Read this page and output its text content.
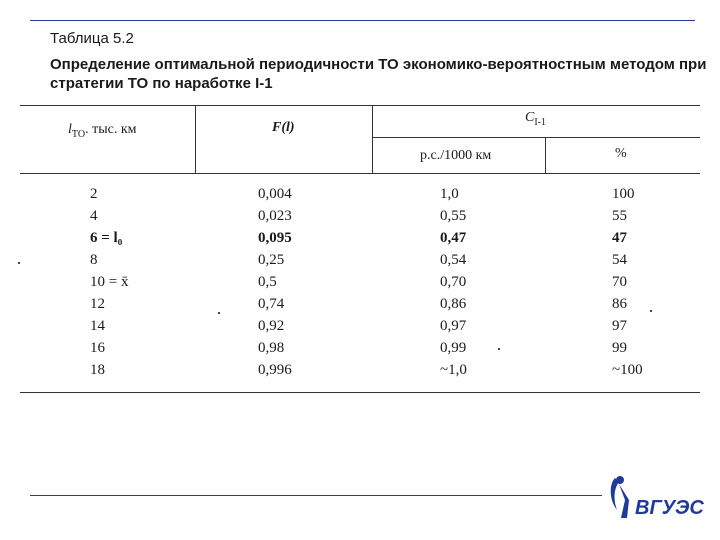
Таблица 5.2
Определение оптимальной периодичности ТО экономико-вероятностным методом при стратегии ТО по наработке I-1
$l_{ТО}$. тыс. км	F(l)
$C_{I-1}$
р.с./1000 км	%
2	0,004	1,0	100
4	0,023	0,55	55
6 = l₀	0,095	0,47	47
8	0,25	0,54	54
10 = x̄	0,5	0,70	70
12	0,74	0,86	86
14	0,92	0,97	97
16	0,98	0,99	99
18	0,996	~1,0	~100
ВГУЭС
